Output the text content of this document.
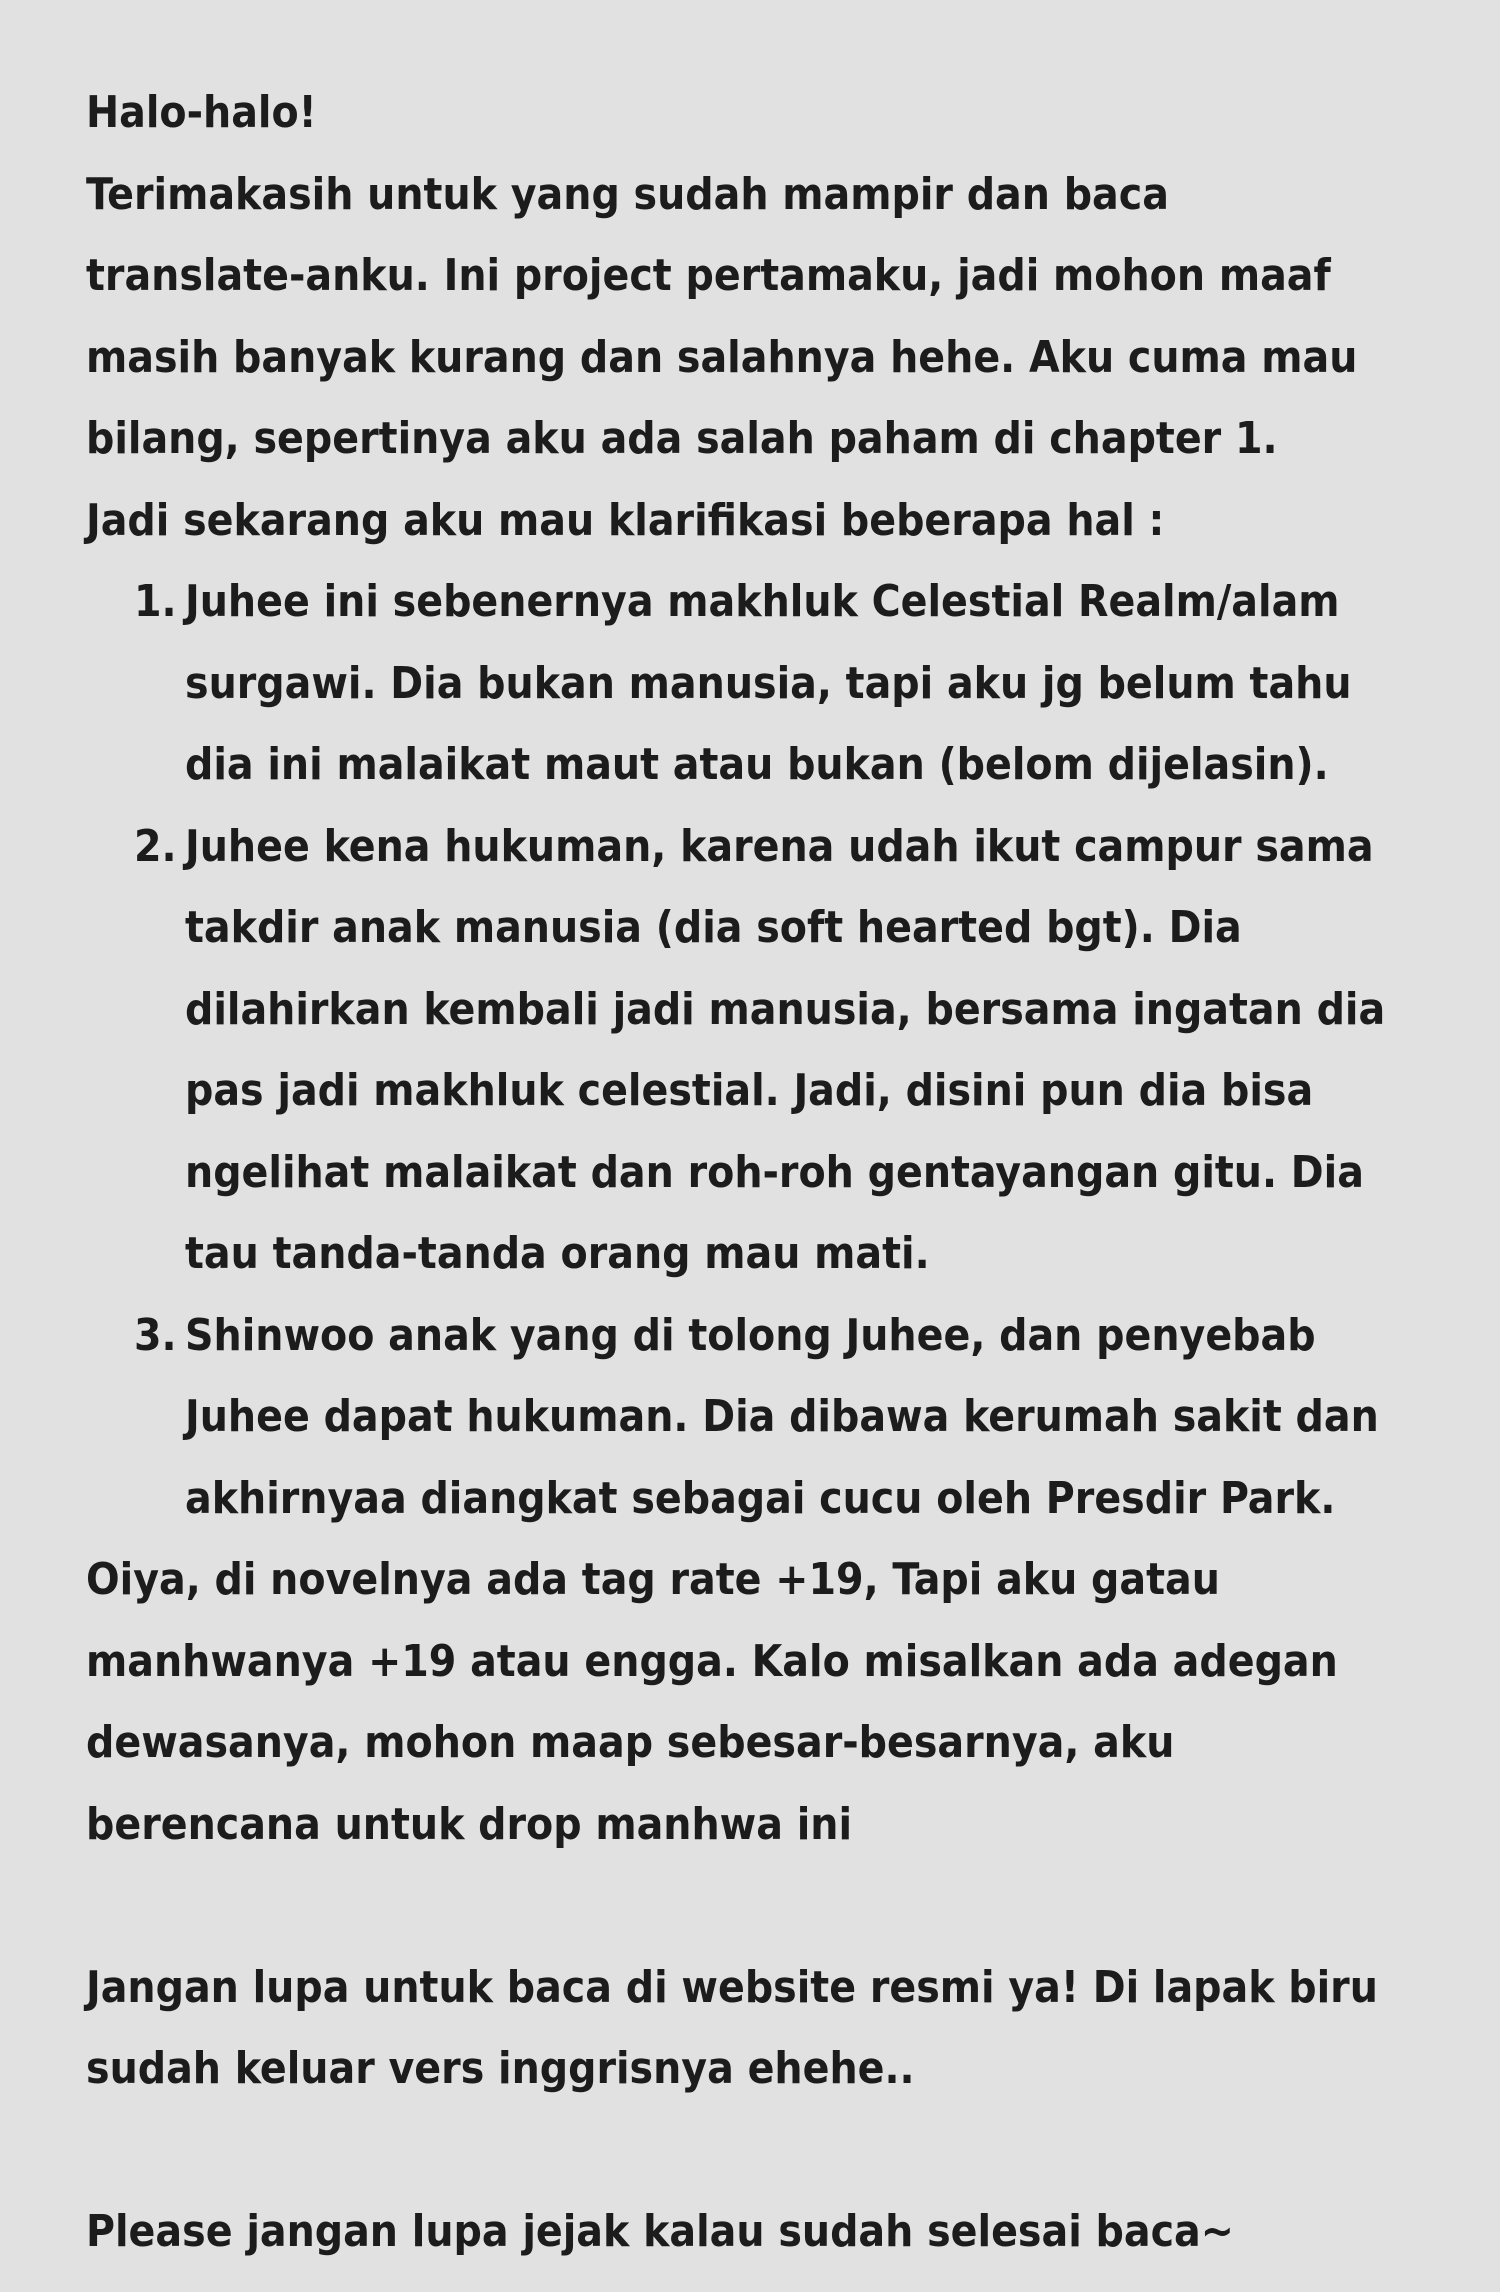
Halo-halo!
Terimakasih untuk yang sudah mampir dan baca
translate-anku. Ini project pertamaku, jadi mohon maaf
masih banyak kurang dan salahnya hehe. Aku cuma mau
bilang, sepertinya aku ada salah paham di chapter 1.
Jadi sekarang aku mau klarifikasi beberapa hal :
1. Juhee ini sebenernya makhluk Celestial Realm/alam
surgawi. Dia bukan manusia, tapi aku jg belum tahu
dia ini malaikat maut atau bukan (belom dijelasin).
2. Juhee kena hukuman, karena udah ikut campur sama
takdir anak manusia (dia soft hearted bgt). Dia
dilahirkan kembali jadi manusia, bersama ingatan dia
pas jadi makhluk celestial. Jadi, disini pun dia bisa
ngelihat malaikat dan roh-roh gentayangan gitu. Dia
tau tanda-tanda orang mau mati.
3. Shinwoo anak yang di tolong Juhee, dan penyebab
Juhee dapat hukuman. Dia dibawa kerumah sakit dan
akhirnyaa diangkat sebagai cucu oleh Presdir Park.
Oiya, di novelnya ada tag rate +19, Tapi aku gatau
manhwanya +19 atau engga. Kalo misalkan ada adegan
dewasanya, mohon maap sebesar-besarnya, aku
berencana untuk drop manhwa ini
Jangan lupa untuk baca di website resmi ya! Di lapak biru
sudah keluar vers inggrisnya ehehe..
Please jangan lupa jejak kalau sudah selesai baca~
